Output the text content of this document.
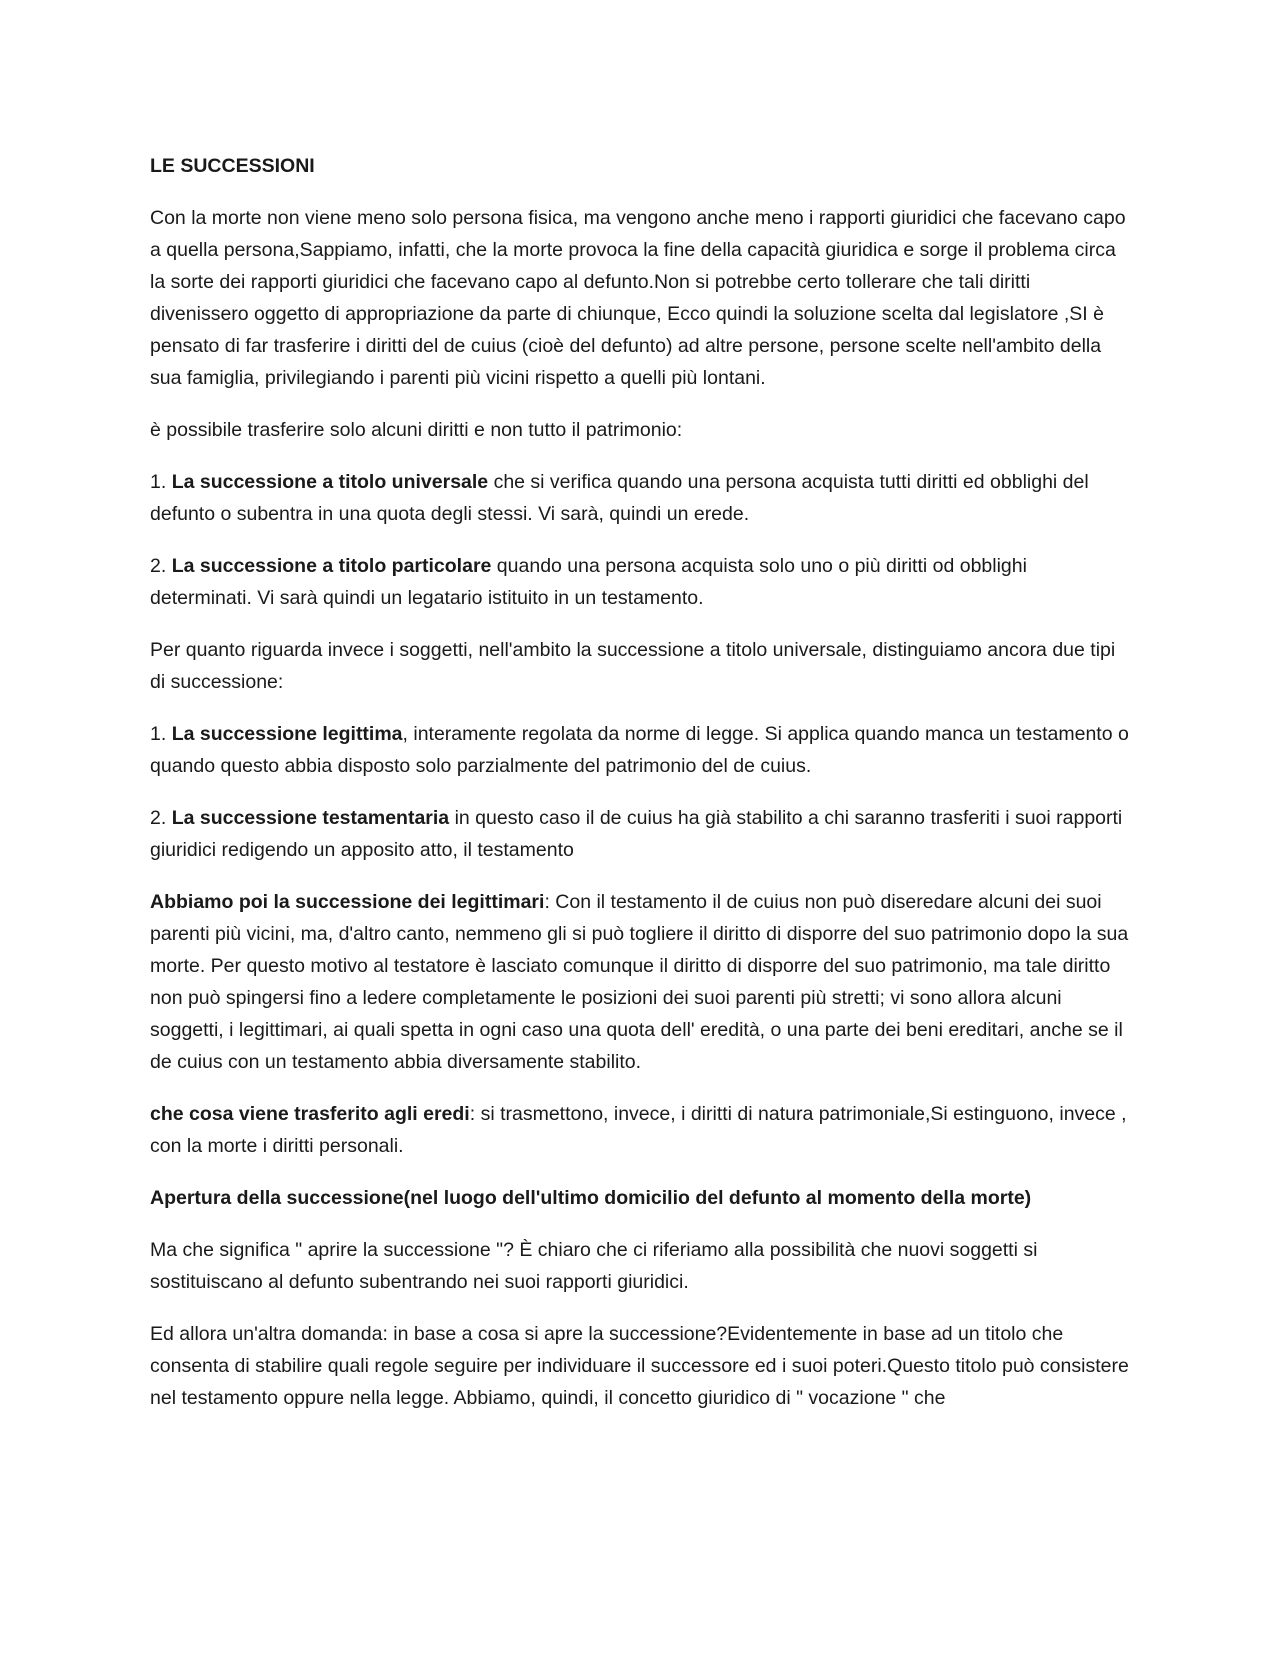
LE SUCCESSIONI

Con la morte non viene meno solo persona fisica, ma vengono anche meno i rapporti giuridici che facevano capo a quella persona,Sappiamo, infatti, che la morte provoca la fine della capacità giuridica e sorge il problema circa la sorte dei rapporti giuridici che facevano capo al defunto.Non si potrebbe certo tollerare che tali diritti divenissero oggetto di appropriazione da parte di chiunque, Ecco quindi la soluzione scelta dal legislatore ,SI è pensato di far trasferire i diritti del de cuius (cioè del defunto) ad altre persone, persone scelte nell'ambito della sua famiglia, privilegiando i parenti più vicini rispetto a quelli più lontani.

è possibile trasferire solo alcuni diritti e non tutto il patrimonio:

1. La successione a titolo universale che si verifica quando una persona acquista tutti diritti ed obblighi del defunto o subentra in una quota degli stessi. Vi sarà, quindi un erede.

2. La successione a titolo particolare quando una persona acquista solo uno o più diritti od obblighi determinati. Vi sarà quindi un legatario istituito in un testamento.

Per quanto riguarda invece i soggetti, nell'ambito la successione a titolo universale, distinguiamo ancora due tipi di successione:

1. La successione legittima, interamente regolata da norme di legge. Si applica quando manca un testamento o quando questo abbia disposto solo parzialmente del patrimonio del de cuius.

2. La successione testamentaria in questo caso il de cuius ha già stabilito a chi saranno trasferiti i suoi rapporti giuridici redigendo un apposito atto, il testamento

Abbiamo poi la successione dei legittimari: Con il testamento il de cuius non può diseredare alcuni dei suoi parenti più vicini, ma, d'altro canto, nemmeno gli si può togliere il diritto di disporre del suo patrimonio dopo la sua morte. Per questo motivo al testatore è lasciato comunque il diritto di disporre del suo patrimonio, ma tale diritto non può spingersi fino a ledere completamente le posizioni dei suoi parenti più stretti; vi sono allora alcuni soggetti, i legittimari, ai quali spetta in ogni caso una quota dell' eredità, o una parte dei beni ereditari, anche se il de cuius con un testamento abbia diversamente stabilito.

che cosa viene trasferito agli eredi: si trasmettono, invece, i diritti di natura patrimoniale,Si estinguono, invece , con la morte i diritti personali.

Apertura della successione(nel luogo dell'ultimo domicilio del defunto al momento della morte)

Ma che significa " aprire la successione "? È chiaro che ci riferiamo alla possibilità che nuovi soggetti si sostituiscano al defunto subentrando nei suoi rapporti giuridici.

Ed allora un'altra domanda: in base a cosa si apre la successione?Evidentemente in base ad un titolo che consenta di stabilire quali regole seguire per individuare il successore ed i suoi poteri.Questo titolo può consistere nel testamento oppure nella legge. Abbiamo, quindi, il concetto giuridico di " vocazione " che
